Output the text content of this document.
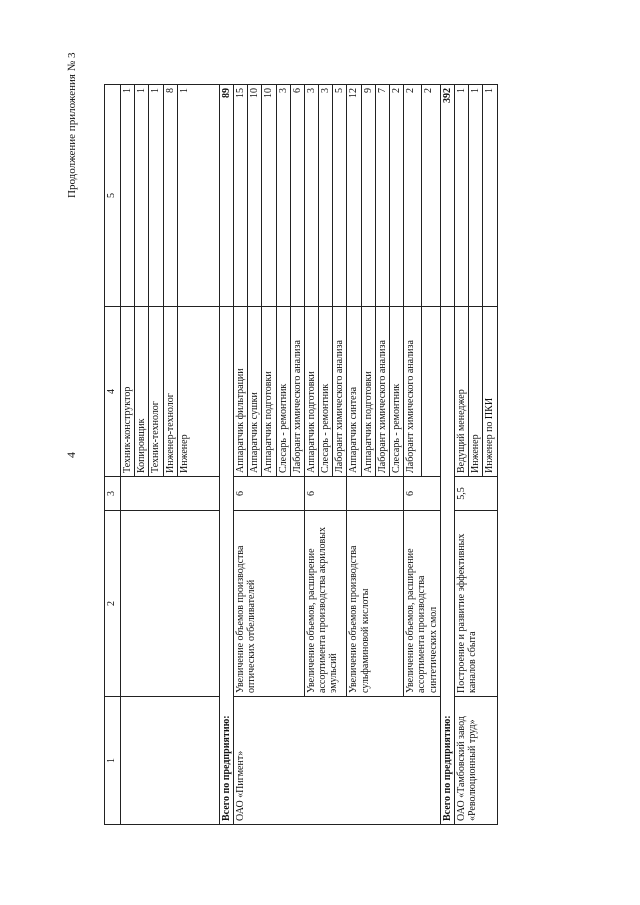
4
Продолжение приложения № 3
1	2	3	4	5
			Техник-конструктор	1
			Копировщик	1
			Техник-технолог	1
			Инженер-технолог	8
			Инженер	1
Всего по предприятию:				89
ОАО «Пигмент»	Увеличение объемов производства оптических отбеливателей	6	Аппаратчик фильтрации	15
			Аппаратчик сушки	10
			Аппаратчик подготовки	10
			Слесарь - ремонтник	3
			Лаборант химического анализа	6
	Увеличение объемов, расширение ассортимента производства акриловых эмульсий	6	Аппаратчик подготовки	3
			Слесарь - ремонтник	3
			Лаборант химического анализа	5
	Увеличение объемов производства сульфаминовой кислоты		Аппаратчик синтеза	12
			Аппаратчик подготовки	9
			Лаборант химического анализа	7
			Слесарь - ремонтник	2
	Увеличение объемов, расширение ассортимента производства синтетических смол	6	Лаборант химического анализа	2
				2
Всего по предприятию:				392
ОАО «Тамбовский завод «Революционный труд»	Построение и развитие эффективных каналов сбыта	5,5	Ведущий менеджер	1
			Инженер	1
			Инженер по ПКИ	1
